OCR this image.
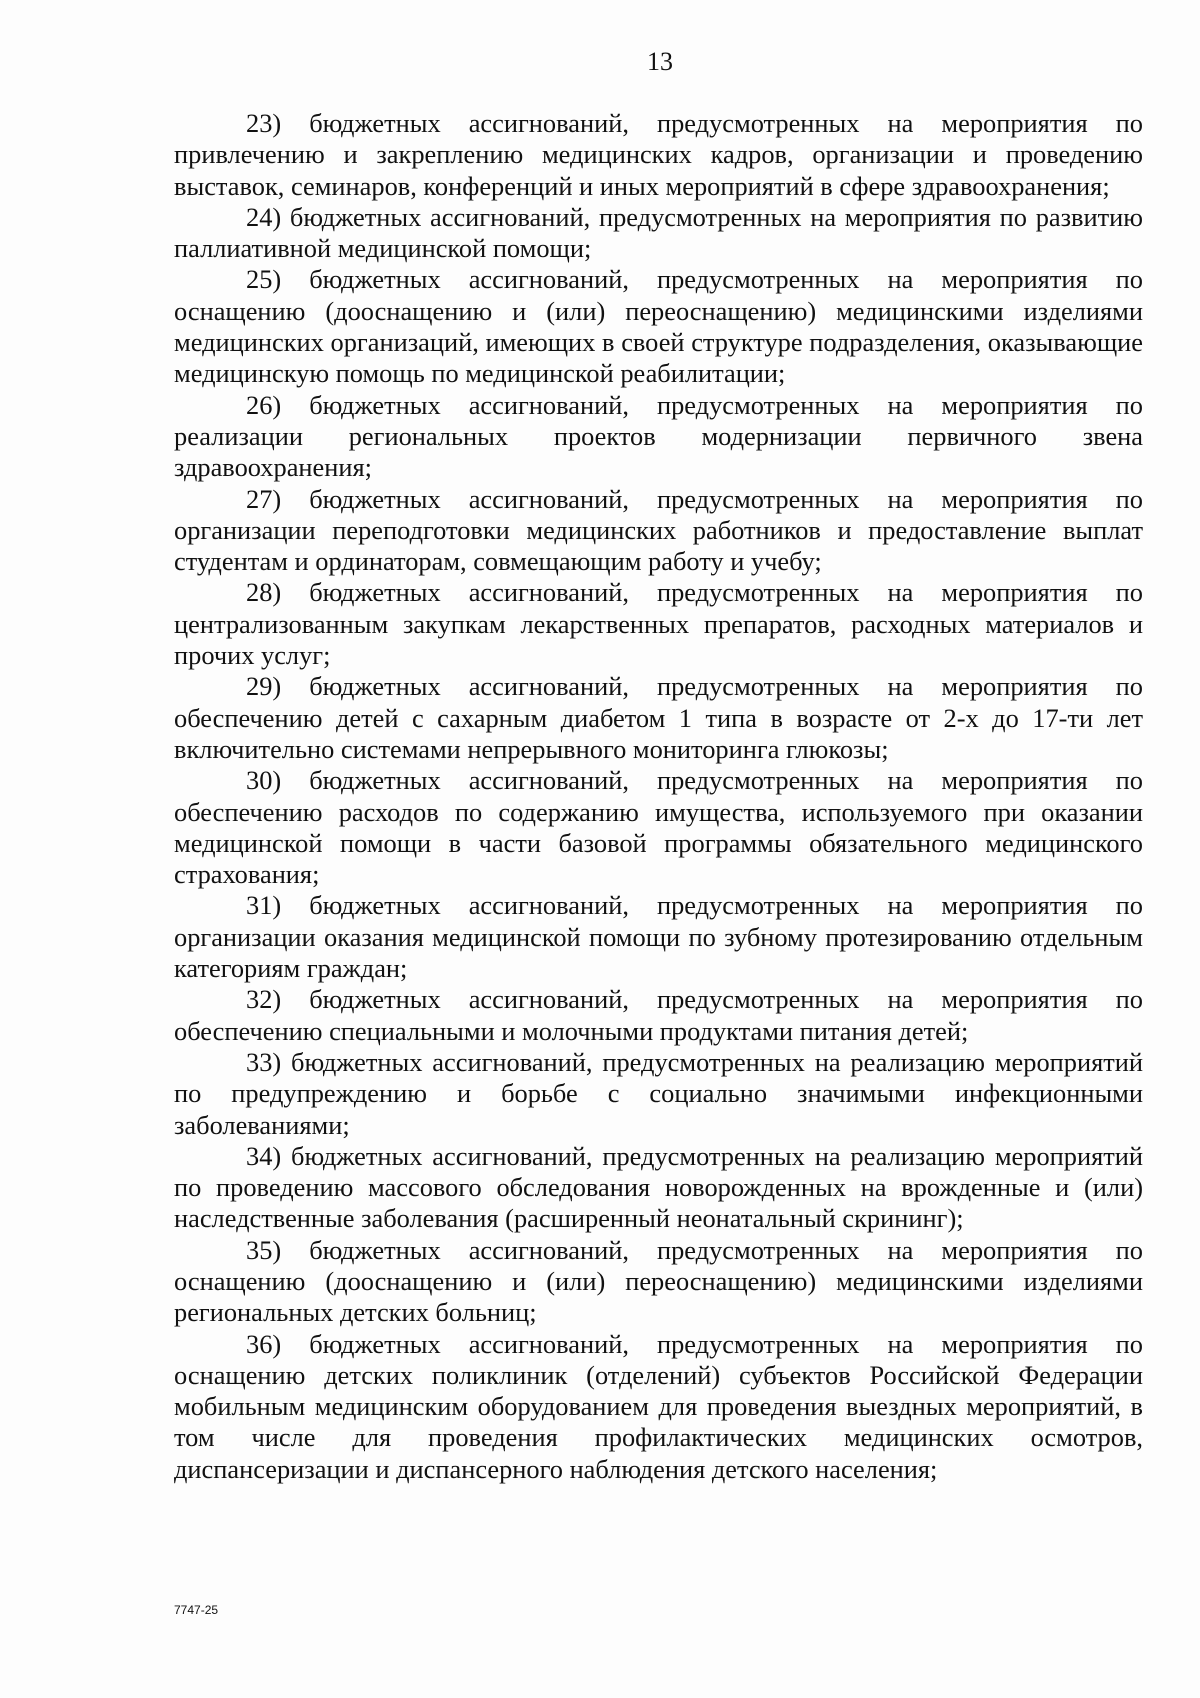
13

23) бюджетных ассигнований, предусмотренных на мероприятия по привлечению и закреплению медицинских кадров, организации и проведению выставок, семинаров, конференций и иных мероприятий в сфере здравоохранения;

24) бюджетных ассигнований, предусмотренных на мероприятия по развитию паллиативной медицинской помощи;

25) бюджетных ассигнований, предусмотренных на мероприятия по оснащению (дооснащению и (или) переоснащению) медицинскими изделиями медицинских организаций, имеющих в своей структуре подразделения, оказывающие медицинскую помощь по медицинской реабилитации;

26) бюджетных ассигнований, предусмотренных на мероприятия по реализации региональных проектов модернизации первичного звена здравоохранения;

27) бюджетных ассигнований, предусмотренных на мероприятия по организации переподготовки медицинских работников и предоставление выплат студентам и ординаторам, совмещающим работу и учебу;

28) бюджетных ассигнований, предусмотренных на мероприятия по централизованным закупкам лекарственных препаратов, расходных материалов и прочих услуг;

29) бюджетных ассигнований, предусмотренных на мероприятия по обеспечению детей с сахарным диабетом 1 типа в возрасте от 2-х до 17-ти лет включительно системами непрерывного мониторинга глюкозы;

30) бюджетных ассигнований, предусмотренных на мероприятия по обеспечению расходов по содержанию имущества, используемого при оказании медицинской помощи в части базовой программы обязательного медицинского страхования;

31) бюджетных ассигнований, предусмотренных на мероприятия по организации оказания медицинской помощи по зубному протезированию отдельным категориям граждан;

32) бюджетных ассигнований, предусмотренных на мероприятия по обеспечению специальными и молочными продуктами питания детей;

33) бюджетных ассигнований, предусмотренных на реализацию мероприятий по предупреждению и борьбе с социально значимыми инфекционными заболеваниями;

34) бюджетных ассигнований, предусмотренных на реализацию мероприятий по проведению массового обследования новорожденных на врожденные и (или) наследственные заболевания (расширенный неонатальный скрининг);

35) бюджетных ассигнований, предусмотренных на мероприятия по оснащению (дооснащению и (или) переоснащению) медицинскими изделиями региональных детских больниц;

36) бюджетных ассигнований, предусмотренных на мероприятия по оснащению детских поликлиник (отделений) субъектов Российской Федерации мобильным медицинским оборудованием для проведения выездных мероприятий, в том числе для проведения профилактических медицинских осмотров, диспансеризации и диспансерного наблюдения детского населения;

7747-25
